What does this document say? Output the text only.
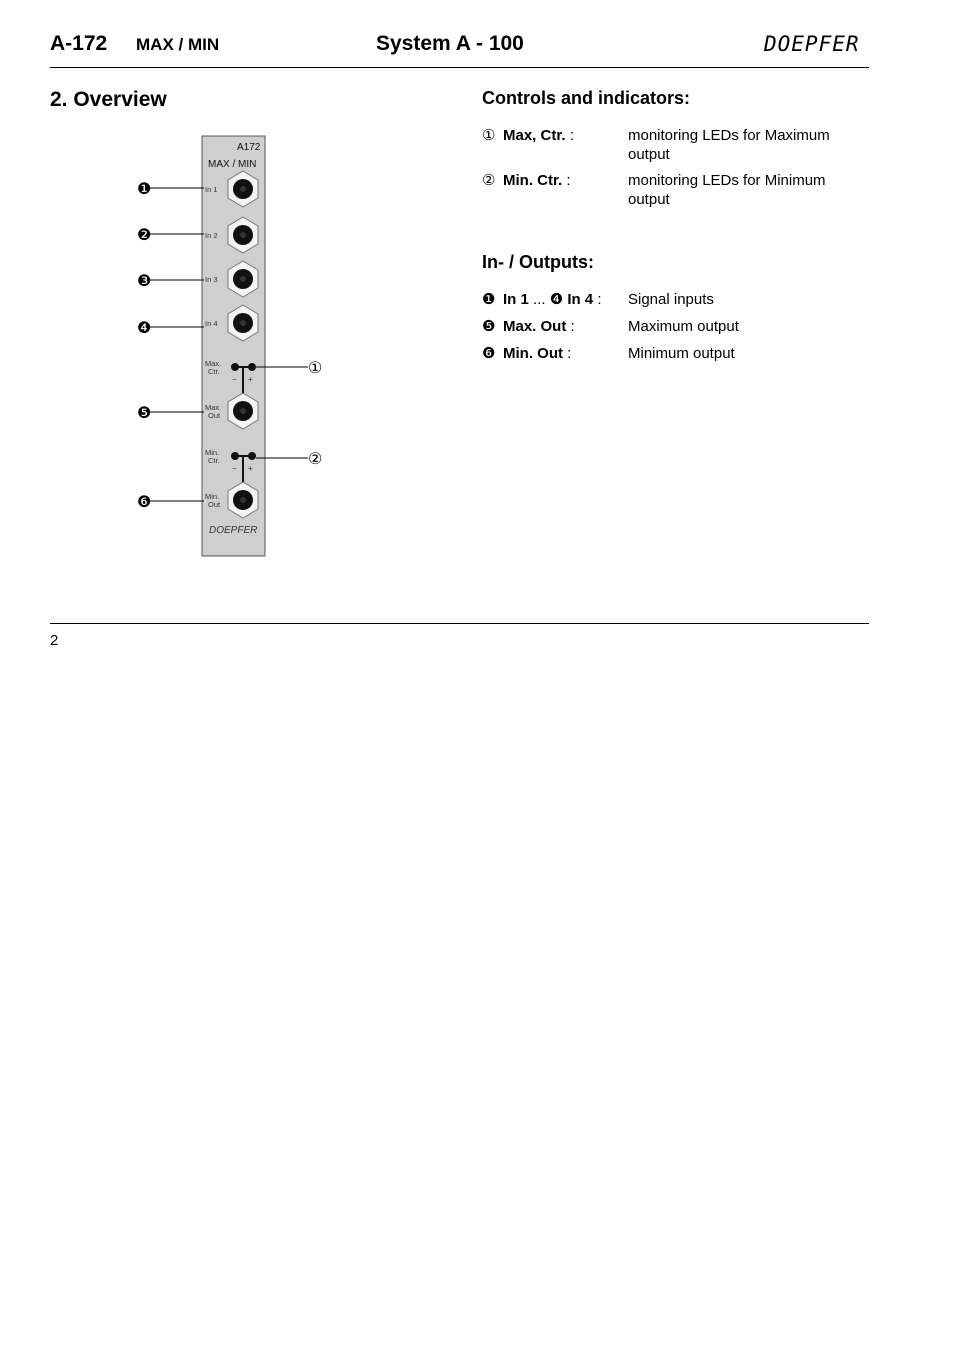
A-172 MAX / MIN	System A - 100	DOEPFER
2. Overview
A172
MAX / MIN
− +
− +
In 1
In 2
In 3
In 4
Max.
Ctr.
Max.
Out
Min.
Ctr.
Min.
Out
DOEPFER
❶
❷
❸
❹
❺
❻
①
②
Controls and indicators:
① Max, Ctr. :	monitoring LEDs for Maximum output
② Min. Ctr. :	monitoring LEDs for Minimum output
In- / Outputs:
❶ In 1 ... ❹ In 4 :	Signal inputs
❺ Max. Out :	Maximum output
❻ Min. Out :	Minimum output
2
